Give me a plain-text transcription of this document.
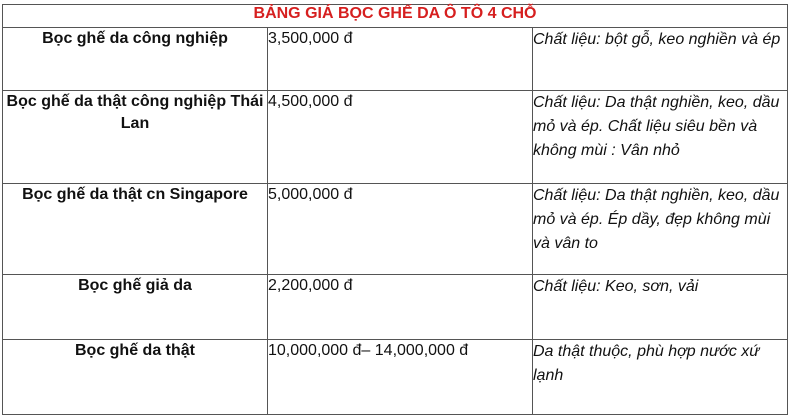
BẢNG GIÁ BỌC GHẾ DA Ô TÔ 4 CHỖ		
Bọc ghế da công nghiệp	3,500,000 đ	Chất liệu: bột gỗ, keo nghiền và ép
Bọc ghế da thật công nghiệp Thái Lan	4,500,000 đ	Chất liệu: Da thật nghiền, keo, dầu mỏ và ép. Chất liệu siêu bền và không mùi : Vân nhỏ
Bọc ghế da thật cn Singapore	5,000,000 đ	Chất liệu: Da thật nghiền, keo, dầu mỏ và ép. Ép dầy, đẹp không mùi và vân to
Bọc ghế giả da	2,200,000 đ	Chất liệu: Keo, sơn, vải
Bọc ghế da thật	10,000,000 đ– 14,000,000 đ	Da thật thuộc, phù hợp nước xứ lạnh
